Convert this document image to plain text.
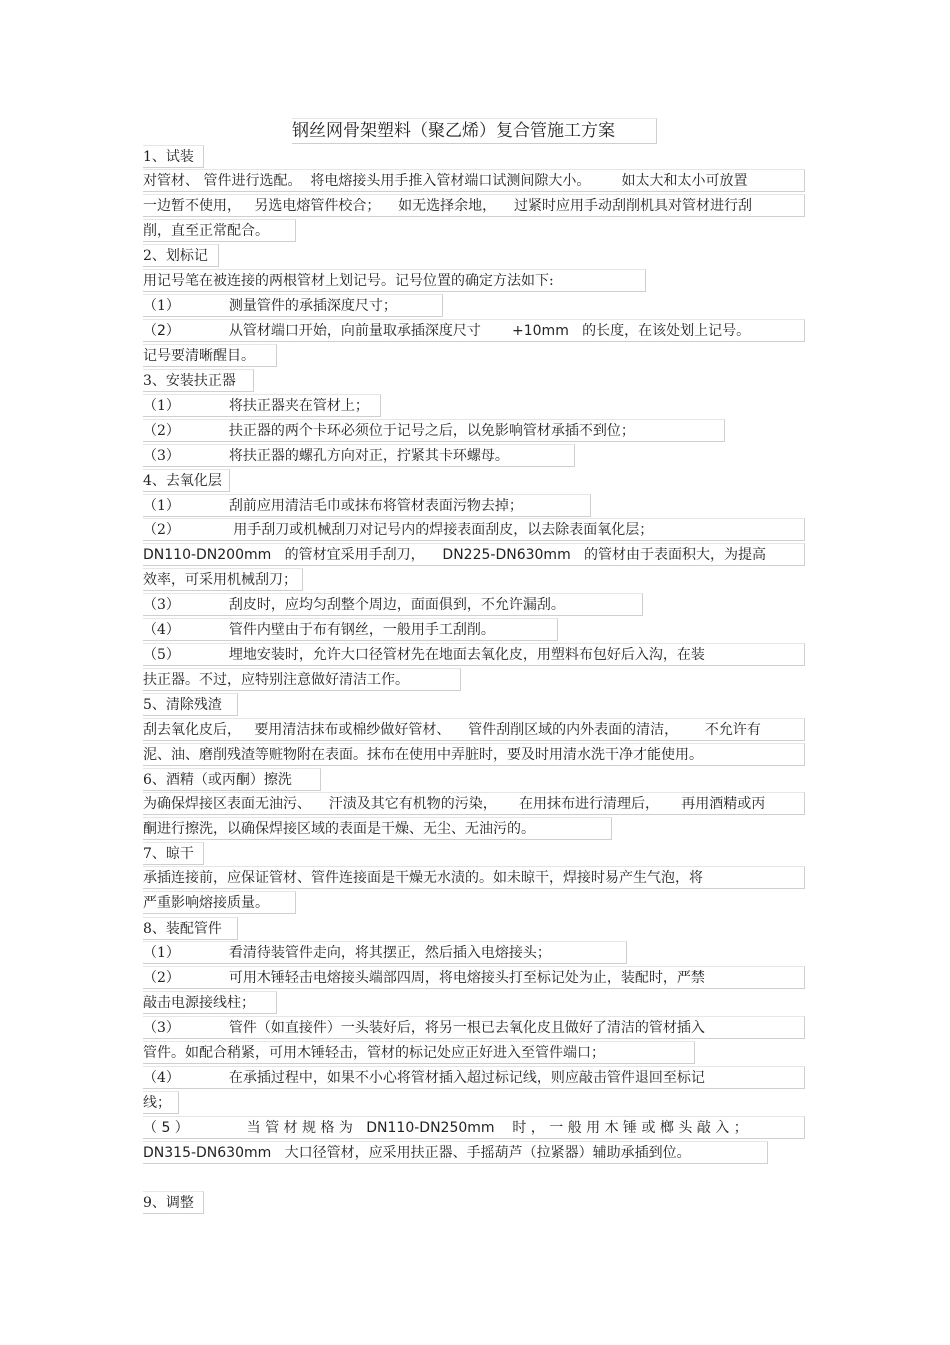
钢丝网骨架塑料（聚乙烯）复合管施工方案
1、试装
对管材、 管件进行选配。  将电熔接头用手推入管材端口试测间隙大小。       如太大和太小可放置
一边暂不使用，   另选电熔管件校合；    如无选择余地，    过紧时应用手动刮削机具对管材进行刮
削，直至正常配合。
2、划标记
用记号笔在被连接的两根管材上划记号。记号位置的确定方法如下:
（1）           测量管件的承插深度尺寸；
（2）           从管材端口开始，向前量取承插深度尺寸       +10mm   的长度，在该处划上记号。
记号要清晰醒目。
3、安装扶正器
（1）           将扶正器夹在管材上；
（2）           扶正器的两个卡环必须位于记号之后，以免影响管材承插不到位；
（3）           将扶正器的螺孔方向对正，拧紧其卡环螺母。
4、去氧化层
（1）           刮前应用清洁毛巾或抹布将管材表面污物去掉；
（2）            用手刮刀或机械刮刀对记号内的焊接表面刮皮，以去除表面氧化层；
DN110-DN200mm   的管材宜采用手刮刀，    DN225-DN630mm   的管材由于表面积大，为提高
效率，可采用机械刮刀；
（3）           刮皮时，应均匀刮整个周边，面面俱到，不允许漏刮。
（4）           管件内壁由于布有钢丝，一般用手工刮削。
（5）           埋地安装时，允许大口径管材先在地面去氧化皮，用塑料布包好后入沟，在装
扶正器。不过，应特别注意做好清洁工作。
5、清除残渣
刮去氧化皮后，   要用清洁抹布或棉纱做好管材、    管件刮削区域的内外表面的清洁，      不允许有
泥、油、磨削残渣等赃物附在表面。抹布在使用中弄脏时，要及时用清水洗干净才能使用。
6、酒精（或丙酮）擦洗
为确保焊接区表面无油污、    汗渍及其它有机物的污染，     在用抹布进行清理后，     再用酒精或丙
酮进行擦洗，以确保焊接区域的表面是干燥、无尘、无油污的。
7、晾干
承插连接前，应保证管材、管件连接面是干燥无水渍的。如未晾干，焊接时易产生气泡，将
严重影响熔接质量。
8、装配管件
（1）           看清待装管件走向，将其摆正，然后插入电熔接头；
（2）           可用木锤轻击电熔接头端部四周，将电熔接头打至标记处为止，装配时，严禁
敲击电源接线柱；
（3）           管件（如直接件）一头装好后，将另一根已去氧化皮且做好了清洁的管材插入
管件。如配合稍紧，可用木锤轻击，管材的标记处应正好进入至管件端口；
（4）           在承插过程中，如果不小心将管材插入超过标记线，则应敲击管件退回至标记
线；
（ 5 ）             当 管 材 规 格 为   DN110-DN250mm    时 ， 一 般 用 木 锤 或 榔 头 敲 入 ；
DN315-DN630mm   大口径管材，应采用扶正器、手摇葫芦（拉紧器）辅助承插到位。
9、调整
